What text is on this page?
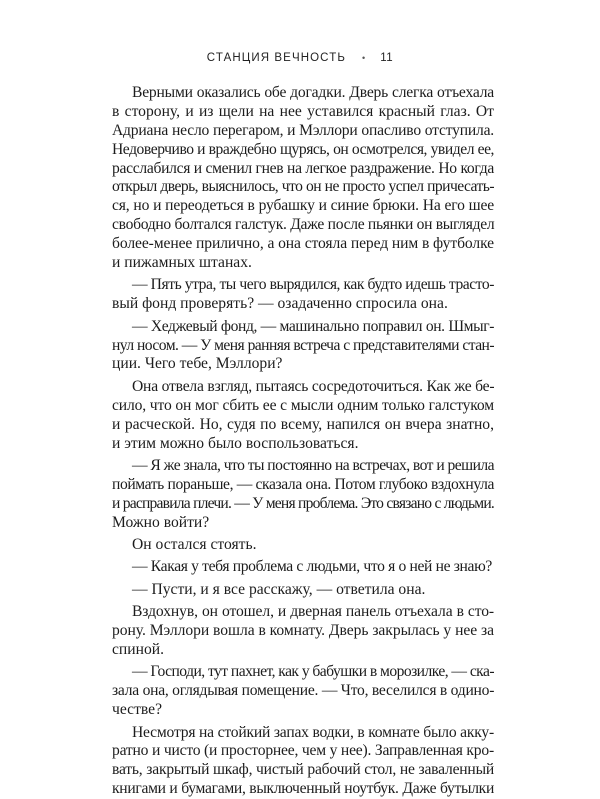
СТАНЦИЯ ВЕЧНОСТЬ • 11
Верными оказались обе догадки. Дверь слегка отъехала
в сторону, и из щели на нее уставился красный глаз. От
Адриана несло перегаром, и Мэллори опасливо отступила.
Недоверчиво и враждебно щурясь, он осмотрелся, увидел ее,
расслабился и сменил гнев на легкое раздражение. Но когда
открыл дверь, выяснилось, что он не просто успел причесать-
ся, но и переодеться в рубашку и синие брюки. На его шее
свободно болтался галстук. Даже после пьянки он выглядел
более-менее прилично, а она стояла перед ним в футболке
и пижамных штанах.
— Пять утра, ты чего вырядился, как будто идешь трасто-
вый фонд проверять? — озадаченно спросила она.
— Хеджевый фонд, — машинально поправил он. Шмыг-
нул носом. — У меня ранняя встреча с представителями стан-
ции. Чего тебе, Мэллори?
Она отвела взгляд, пытаясь сосредоточиться. Как же бе-
сило, что он мог сбить ее с мысли одним только галстуком
и расческой. Но, судя по всему, напился он вчера знатно,
и этим можно было воспользоваться.
— Я же знала, что ты постоянно на встречах, вот и решила
поймать пораньше, — сказала она. Потом глубоко вздохнула
и расправила плечи. — У меня проблема. Это связано с людьми.
Можно войти?
Он остался стоять.
— Какая у тебя проблема с людьми, что я о ней не знаю?
— Пусти, и я все расскажу, — ответила она.
Вздохнув, он отошел, и дверная панель отъехала в сто-
рону. Мэллори вошла в комнату. Дверь закрылась у нее за
спиной.
— Господи, тут пахнет, как у бабушки в морозилке, — ска-
зала она, оглядывая помещение. — Что, веселился в одино-
честве?
Несмотря на стойкий запах водки, в комнате было акку-
ратно и чисто (и просторнее, чем у нее). Заправленная кро-
вать, закрытый шкаф, чистый рабочий стол, не заваленный
книгами и бумагами, выключенный ноутбук. Даже бутылки
